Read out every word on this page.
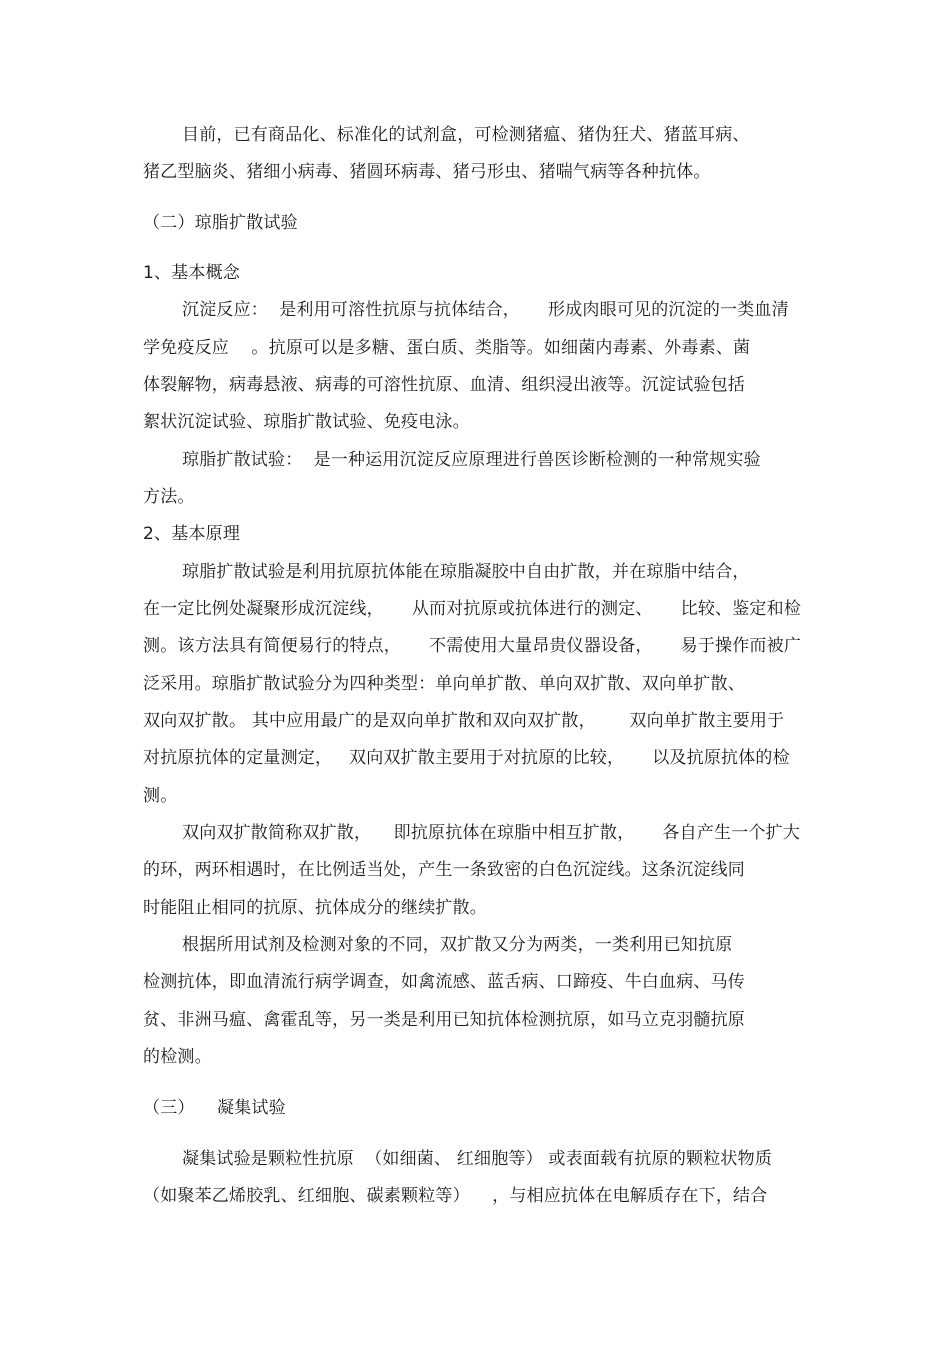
目前，已有商品化、标准化的试剂盒，可检测猪瘟、猪伪狂犬、猪蓝耳病、
猪乙型脑炎、猪细小病毒、猪圆环病毒、猪弓形虫、猪喘气病等各种抗体。
（二）琼脂扩散试验
1、基本概念
沉淀反应：  是利用可溶性抗原与抗体结合，     形成肉眼可见的沉淀的一类血清
学免疫反应    。抗原可以是多糖、蛋白质、类脂等。如细菌内毒素、外毒素、菌
体裂解物，病毒悬液、病毒的可溶性抗原、血清、组织浸出液等。沉淀试验包括
絮状沉淀试验、琼脂扩散试验、免疫电泳。
琼脂扩散试验：  是一种运用沉淀反应原理进行兽医诊断检测的一种常规实验
方法。
2、基本原理
琼脂扩散试验是利用抗原抗体能在琼脂凝胶中自由扩散，并在琼脂中结合，
在一定比例处凝聚形成沉淀线，     从而对抗原或抗体进行的测定、     比较、鉴定和检
测。该方法具有简便易行的特点，     不需使用大量昂贵仪器设备，     易于操作而被广
泛采用。琼脂扩散试验分为四种类型：单向单扩散、单向双扩散、双向单扩散、
双向双扩散。 其中应用最广的是双向单扩散和双向双扩散，      双向单扩散主要用于
对抗原抗体的定量测定，   双向双扩散主要用于对抗原的比较，     以及抗原抗体的检
测。
双向双扩散简称双扩散，    即抗原抗体在琼脂中相互扩散，     各自产生一个扩大
的环，两环相遇时，在比例适当处，产生一条致密的白色沉淀线。这条沉淀线同
时能阻止相同的抗原、抗体成分的继续扩散。
根据所用试剂及检测对象的不同，双扩散又分为两类，一类利用已知抗原
检测抗体，即血清流行病学调查，如禽流感、蓝舌病、口蹄疫、牛白血病、马传
贫、非洲马瘟、禽霍乱等，另一类是利用已知抗体检测抗原，如马立克羽髓抗原
的检测。
（三）    凝集试验
凝集试验是颗粒性抗原  （如细菌、 红细胞等） 或表面载有抗原的颗粒状物质
（如聚苯乙烯胶乳、红细胞、碳素颗粒等）    ，与相应抗体在电解质存在下，结合
